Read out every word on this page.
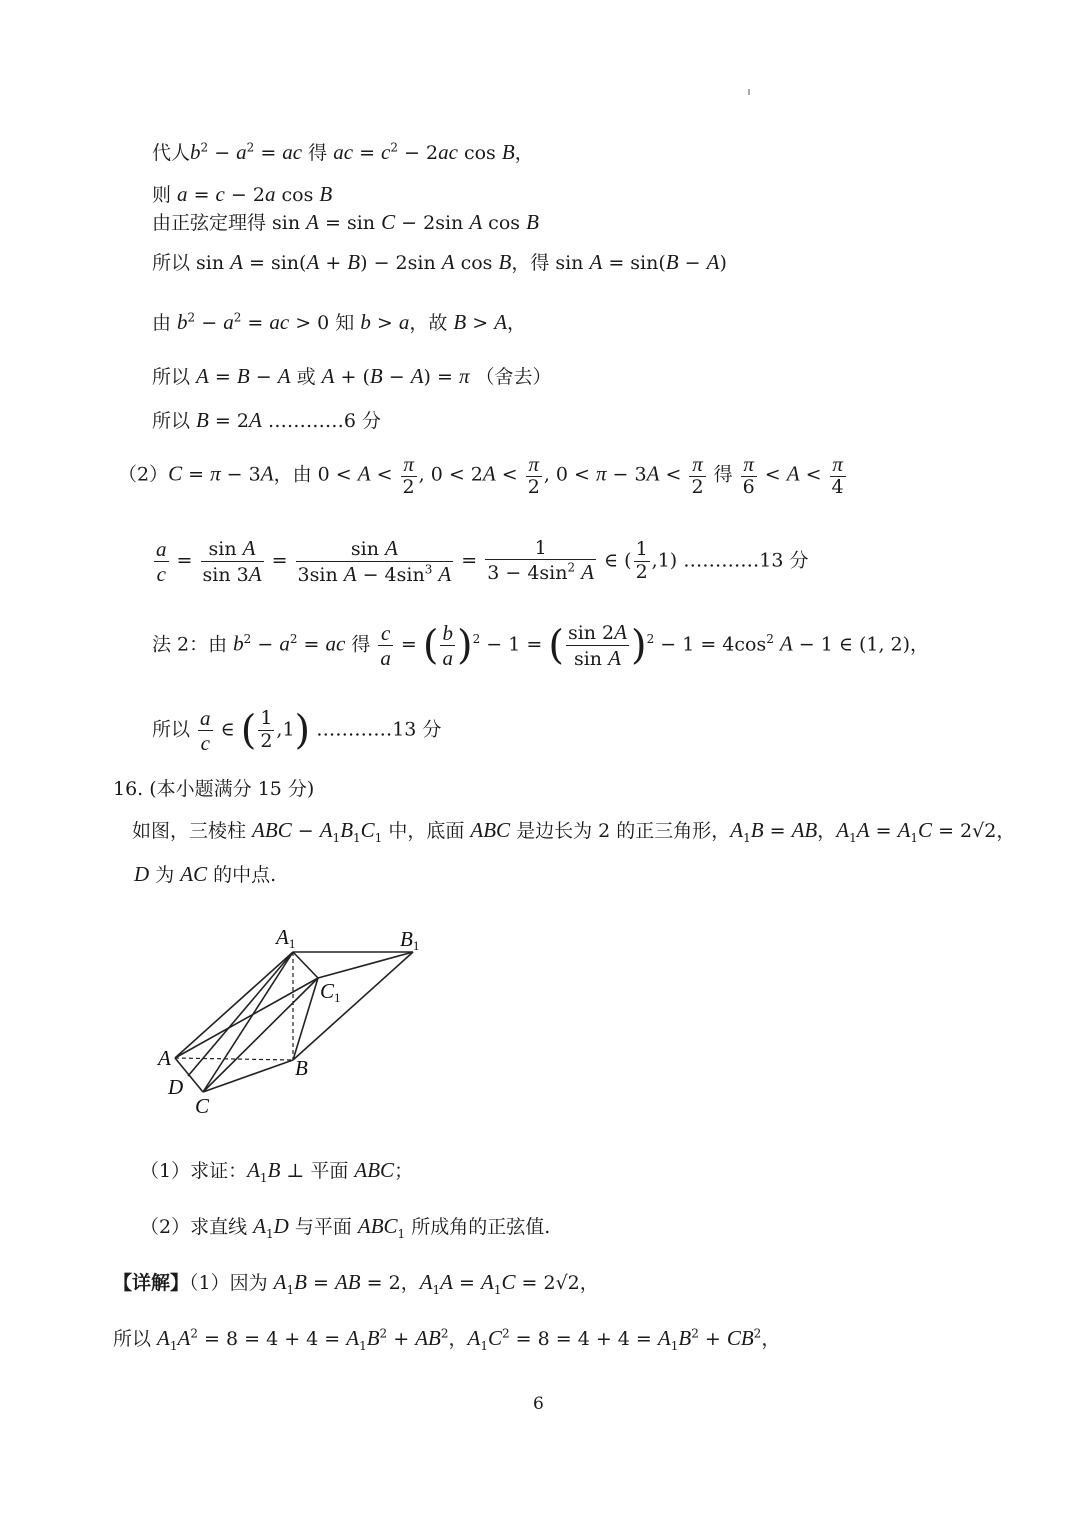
代人$b^2 - a^2$ = ac 得 ac = $c^2 - 2ac$ cos B，
则 a = c − 2a cos B
由正弦定理得 sin A = sin C − 2sin A cos B
所以 sin A = sin(A + B) − 2sin A cos B，得 sin A = sin(B − A)
由 $b^2 - a^2$ = ac > 0 知 b > a，故 B > A，
所以 A = B − A 或 A + (B − A) = π （舍去）
所以 B = 2A …………6 分
（2）C = π − 3A，由 $0 < A < \frac{\pi}{2}$ , $0 < 2A < \frac{\pi}{2}$ , $0 < \pi - 3A < \frac{\pi}{2}$ 得 $\frac{\pi}{6} < A < \frac{\pi}{4}$
$\frac{a}{c} = \frac{\text{sin A}}{\sin 3A} = \frac{\text{sin A}}{3\sin A - 4\sin^3 A} = \frac{1}{3 - 4\sin^2 A}$ ∈ ( $\frac{1}{2} ,1$) …………13 分
法 2：由 $b^2 - a^2$ = ac 得 $\frac{c}{a}$ = ( $\frac{b}{a} )^2 - 1$ = ( $\frac{\sin 2A}{\text{sin A}} )^2 - 1 = 4\cos^2$ A − 1 ∈ (1, 2)，
所以 $\frac{a}{c}$ ∈ ( $\frac{1}{2} ,1$) …………13 分
16. (本小题满分 15 分)
如图，三棱柱 ABC − $A_1B_1C_1$ 中，底面 ABC 是边长为 2 的正三角形，$A_1B$ = AB，$A_1A = A_1C = 2√2$，
D 为 AC 的中点.
A1	B1
C1
A	B
D
C
（1）求证：$A_1B$ ⊥ 平面 ABC；
（2）求直线 $A_1D$ 与平面 $ABC_1$ 所成角的正弦值.
【详解】（1）因为 $A_1B$ = AB = 2，$A_1A = A_1C = 2√2$，
所以 $A_1A^2 = 8 = 4 + 4 = A_1B^2 + AB^2$，$A_1C^2 = 8 = 4 + 4 = A_1B^2 + CB^2$，
6
